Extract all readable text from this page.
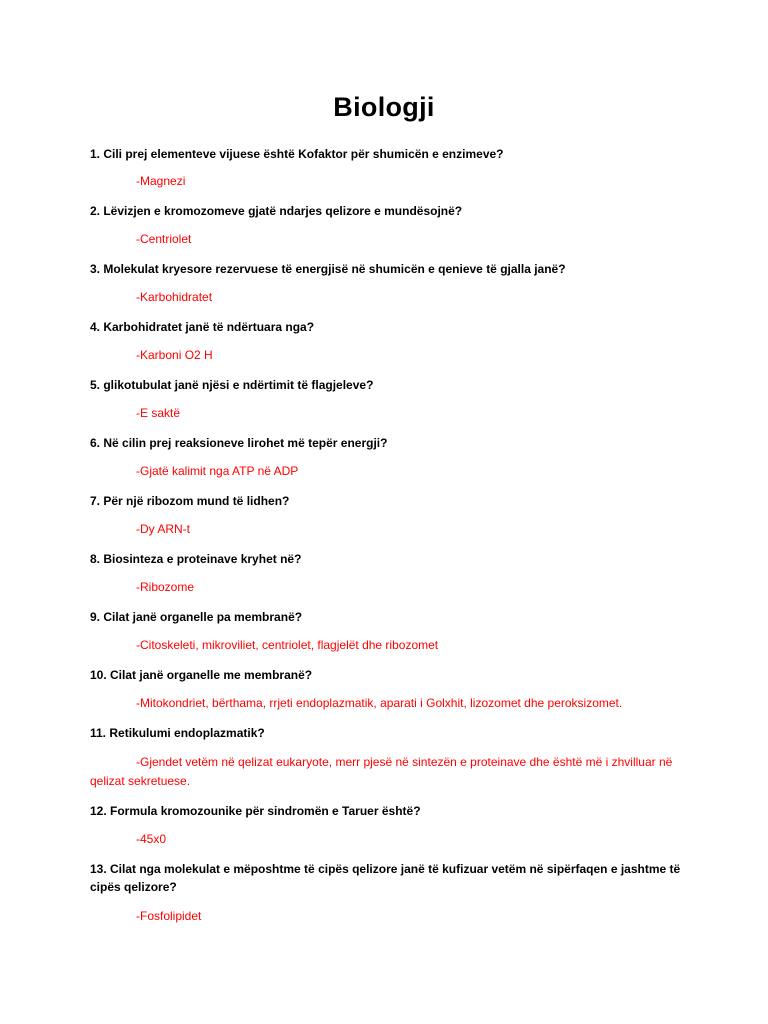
Biologji
1. Cili prej elementeve vijuese është Kofaktor për shumicën e enzimeve?
-Magnezi
2. Lëvizjen e kromozomeve gjatë ndarjes qelizore e mundësojnë?
-Centriolet
3. Molekulat kryesore rezervuese të energjisë në shumicën e qenieve të gjalla janë?
-Karbohidratet
4. Karbohidratet janë të ndërtuara nga?
-Karboni O2 H
5. glikotubulat janë njësi e ndërtimit të flagjeleve?
-E saktë
6. Në cilin prej reaksioneve lirohet më tepër energji?
-Gjatë kalimit nga ATP në ADP
7. Për një ribozom mund të lidhen?
-Dy ARN-t
8. Biosinteza e proteinave kryhet në?
-Ribozome
9. Cilat janë organelle pa membranë?
-Citoskeleti, mikroviliet, centriolet, flagjelët dhe ribozomet
10. Cilat janë organelle me membranë?
-Mitokondriet, bërthama, rrjeti endoplazmatik, aparati i Golxhit, lizozomet dhe peroksizomet.
11. Retikulumi endoplazmatik?
-Gjendet vetëm në qelizat eukaryote, merr pjesë në sintezën e proteinave dhe është më i zhvilluar në qelizat sekretuese.
12. Formula kromozounike për sindromën e Taruer është?
-45x0
13. Cilat nga molekulat e mëposhtme të cipës qelizore janë të kufizuar vetëm në sipërfaqen e jashtme të cipës qelizore?
-Fosfolipidet
